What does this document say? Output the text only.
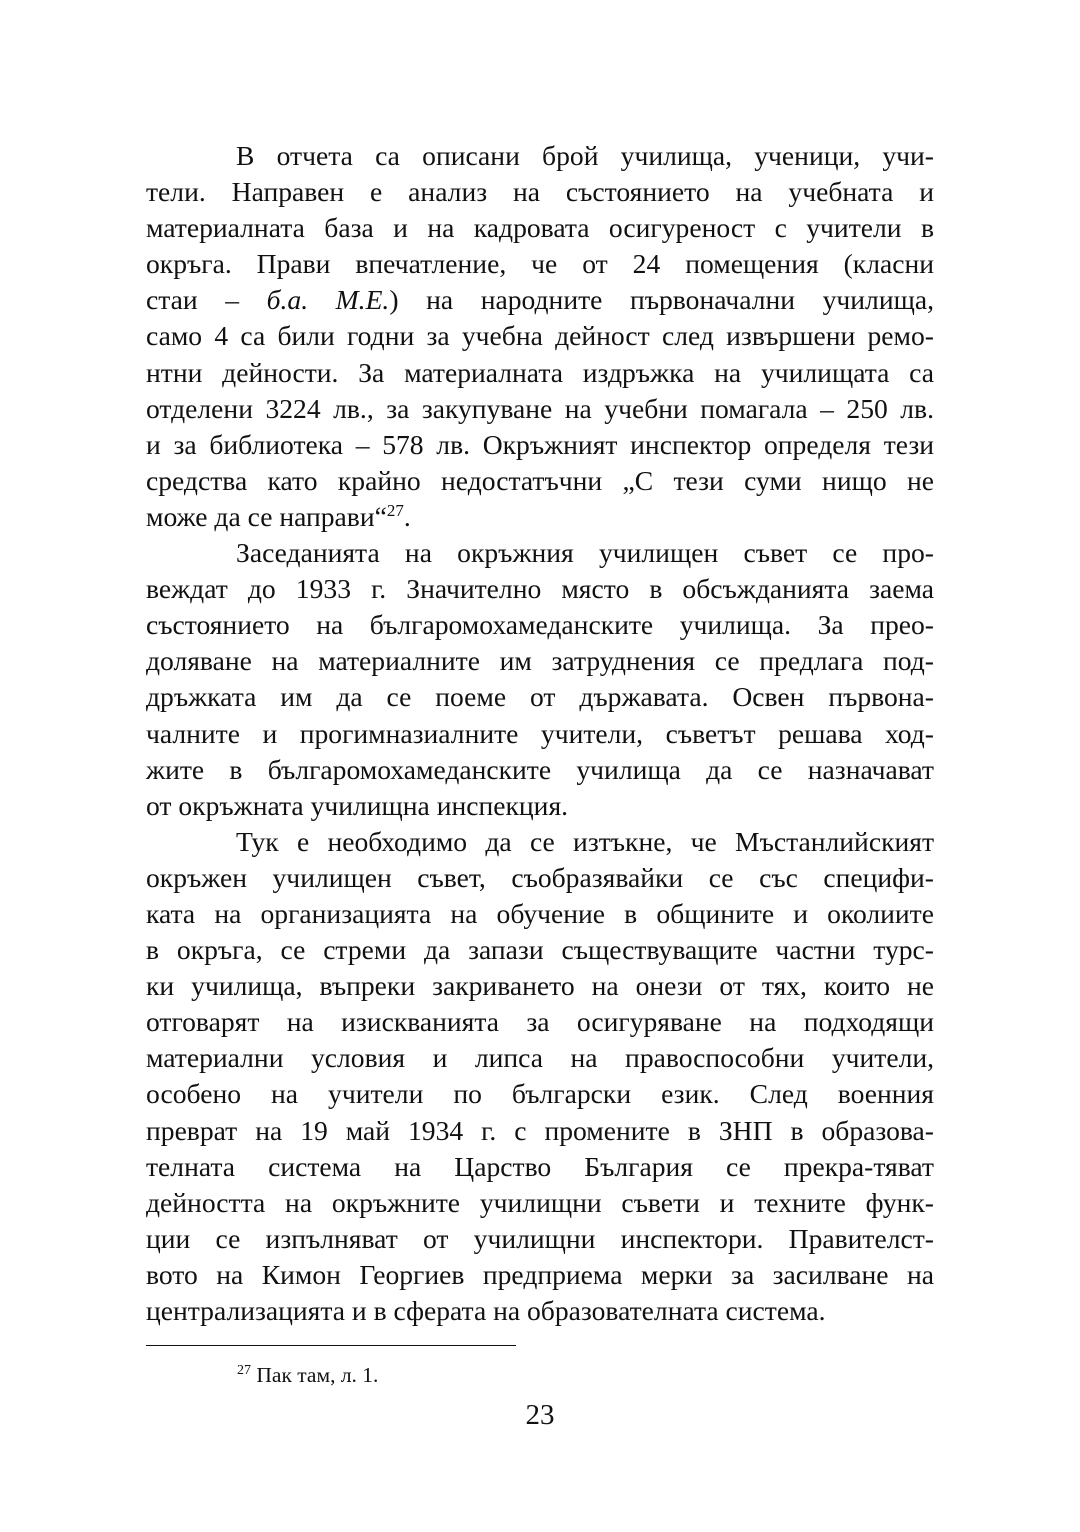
В отчета са описани брой училища, ученици, учи-
тели. Направен е анализ на състоянието на учебната и
материалната база и на кадровата осигуреност с учители в
окръга. Прави впечатление, че от 24 помещения (класни
стаи – б.а. М.Е.) на народните първоначални училища,
само 4 са били годни за учебна дейност след извършени ремо-
нтни дейности. За материалната издръжка на училищата са
отделени 3224 лв., за закупуване на учебни помагала – 250 лв.
и за библиотека – 578 лв. Окръжният инспектор определя тези
средства като крайно недостатъчни „С тези суми нищо не
може да се направи“$^{27}$.
Заседанията на окръжния училищен съвет се про-
веждат до 1933 г. Значително място в обсъжданията заема
състоянието на българомохамеданските училища. За прео-
доляване на материалните им затруднения се предлага под-
дръжката им да се поеме от държавата. Освен първона-
чалните и прогимназиалните учители, съветът решава ход-
жите в българомохамеданските училища да се назначават
от окръжната училищна инспекция.
Тук е необходимо да се изтъкне, че Мъстанлийският
окръжен училищен съвет, съобразявайки се със специфи-
ката на организацията на обучение в общините и околиите
в окръга, се стреми да запази съществуващите частни турс-
ки училища, въпреки закриването на онези от тях, които не
отговарят на изискванията за осигуряване на подходящи
материални условия и липса на правоспособни учители,
особено на учители по български език. След военния
преврат на 19 май 1934 г. с промените в ЗНП в образова-
телната система на Царство България се прекра-тяват
дейността на окръжните училищни съвети и техните функ-
ции се изпълняват от училищни инспектори. Правителст-
вото на Кимон Георгиев предприема мерки за засилване на
централизацията и в сферата на образователната система.
$^{27}$ Пак там, л. 1.
23
